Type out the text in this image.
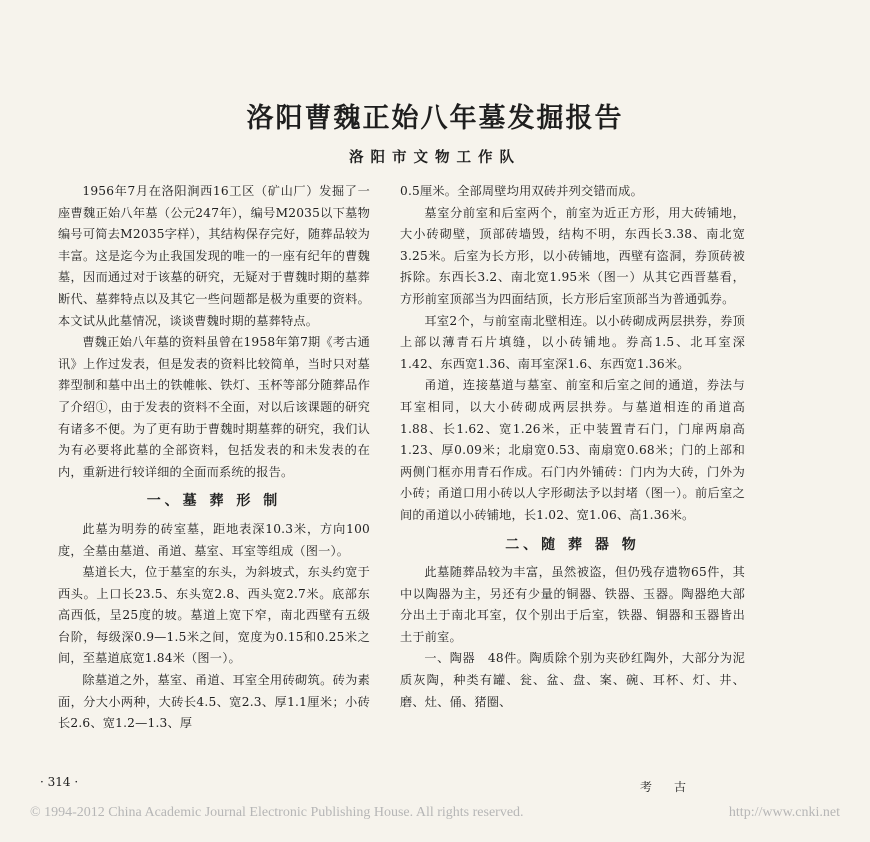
洛阳曹魏正始八年墓发掘报告
洛阳市文物工作队

1956年7月在洛阳涧西16工区（矿山厂）发掘了一座曹魏正始八年墓（公元247年），编号M2035以下墓物编号可简去M2035字样），其结构保存完好，随葬品较为丰富。这是迄今为止我国发现的唯一的一座有纪年的曹魏墓，因而通过对于该墓的研究，无疑对于曹魏时期的墓葬断代、墓葬特点以及其它一些问题都是极为重要的资料。本文试从此墓情况，谈谈曹魏时期的墓葬特点。

曹魏正始八年墓的资料虽曾在1958年第7期《考古通讯》上作过发表，但是发表的资料比较简单，当时只对墓葬型制和墓中出土的铁帷帐、铁灯、玉杯等部分随葬品作了介绍①，由于发表的资料不全面，对以后该课题的研究有诸多不便。为了更有助于曹魏时期墓葬的研究，我们认为有必要将此墓的全部资料，包括发表的和未发表的在内，重新进行较详细的全面而系统的报告。

一、墓 葬 形 制

此墓为明券的砖室墓，距地表深10.3米，方向100度，全墓由墓道、甬道、墓室、耳室等组成（图一）。

墓道长大，位于墓室的东头，为斜坡式，东头约宽于西头。上口长23.5、东头宽2.8、西头宽2.7米。底部东高西低，呈25度的坡。墓道上宽下窄，南北西壁有五级台阶，每级深0.9—1.5米之间，宽度为0.15和0.25米之间，至墓道底宽1.84米（图一）。

除墓道之外，墓室、甬道、耳室全用砖砌筑。砖为素面，分大小两种，大砖长4.5、宽2.3、厚1.1厘米；小砖长2.6、宽1.2—1.3、厚

0.5厘米。全部周壁均用双砖并列交错而成。

墓室分前室和后室两个，前室为近正方形，用大砖铺地，大小砖砌壁，顶部砖墙毁，结构不明，东西长3.38、南北宽3.25米。后室为长方形，以小砖铺地，西壁有盗洞，券顶砖被拆除。东西长3.2、南北宽1.95米（图一）从其它西晋墓看，方形前室顶部当为四面结顶，长方形后室顶部当为普通弧券。

耳室2个，与前室南北壁相连。以小砖砌成两层拱券，券顶上部以薄青石片填缝，以小砖铺地。券高1.5、北耳室深1.42、东西宽1.36、南耳室深1.6、东西宽1.36米。

甬道，连接墓道与墓室、前室和后室之间的通道，券法与耳室相同，以大小砖砌成两层拱券。与墓道相连的甬道高1.88、长1.62、宽1.26米，正中装置青石门，门扉两扇高1.23、厚0.09米；北扇宽0.53、南扇宽0.68米；门的上部和两侧门框亦用青石作成。石门内外铺砖：门内为大砖，门外为小砖；甬道口用小砖以人字形砌法予以封堵（图一）。前后室之间的甬道以小砖铺地，长1.02、宽1.06、高1.36米。

二、随 葬 器 物

此墓随葬品较为丰富，虽然被盗，但仍残存遗物65件，其中以陶器为主，另还有少量的铜器、铁器、玉器。陶器绝大部分出土于南北耳室，仅个别出于后室，铁器、铜器和玉器皆出土于前室。

一、陶器　48件。陶质除个别为夹砂红陶外，大部分为泥质灰陶，种类有罐、瓮、盆、盘、案、碗、耳杯、灯、井、磨、灶、俑、猪圈、

· 314 ·	考古
© 1994-2012 China Academic Journal Electronic Publishing House. All rights reserved.	http://www.cnki.net
